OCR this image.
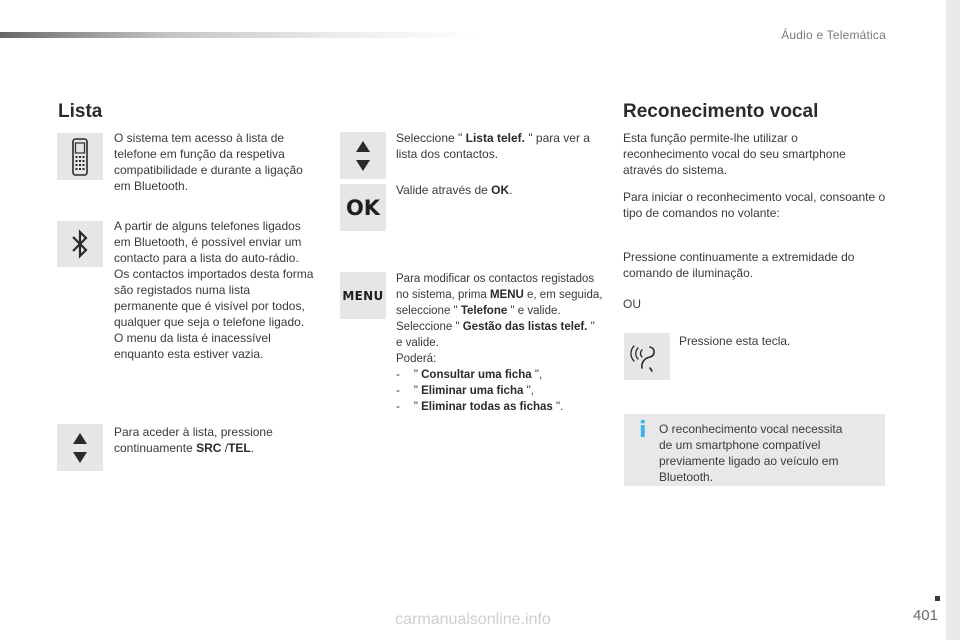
Áudio e Telemática
Lista
O sistema tem acesso à lista de telefone em função da respetiva compatibilidade e durante a ligação em Bluetooth.
A partir de alguns telefones ligados em Bluetooth, é possível enviar um contacto para a lista do auto-rádio. Os contactos importados desta forma são registados numa lista permanente que é visível por todos, qualquer que seja o telefone ligado. O menu da lista é inacessível enquanto esta estiver vazia.
Para aceder à lista, pressione continuamente SRC /TEL.
Seleccione " Lista telef. " para ver a lista dos contactos.
OK
Valide através de OK.
MENU
Para modificar os contactos registados no sistema, prima MENU e, em seguida, seleccione " Telefone " e valide.
Seleccione " Gestão das listas telef. " e valide.
Poderá:
- " Consultar uma ficha ",
- " Eliminar uma ficha ",
- " Eliminar todas as fichas ".
Reconecimento vocal
Esta função permite-lhe utilizar o reconhecimento vocal do seu smartphone através do sistema.
Para iniciar o reconhecimento vocal, consoante o tipo de comandos no volante:
Pressione continuamente a extremidade do comando de iluminação.
OU
Pressione esta tecla.
i O reconhecimento vocal necessita de um smartphone compatível previamente ligado ao veículo em Bluetooth.
401
carmanualsonline.info
